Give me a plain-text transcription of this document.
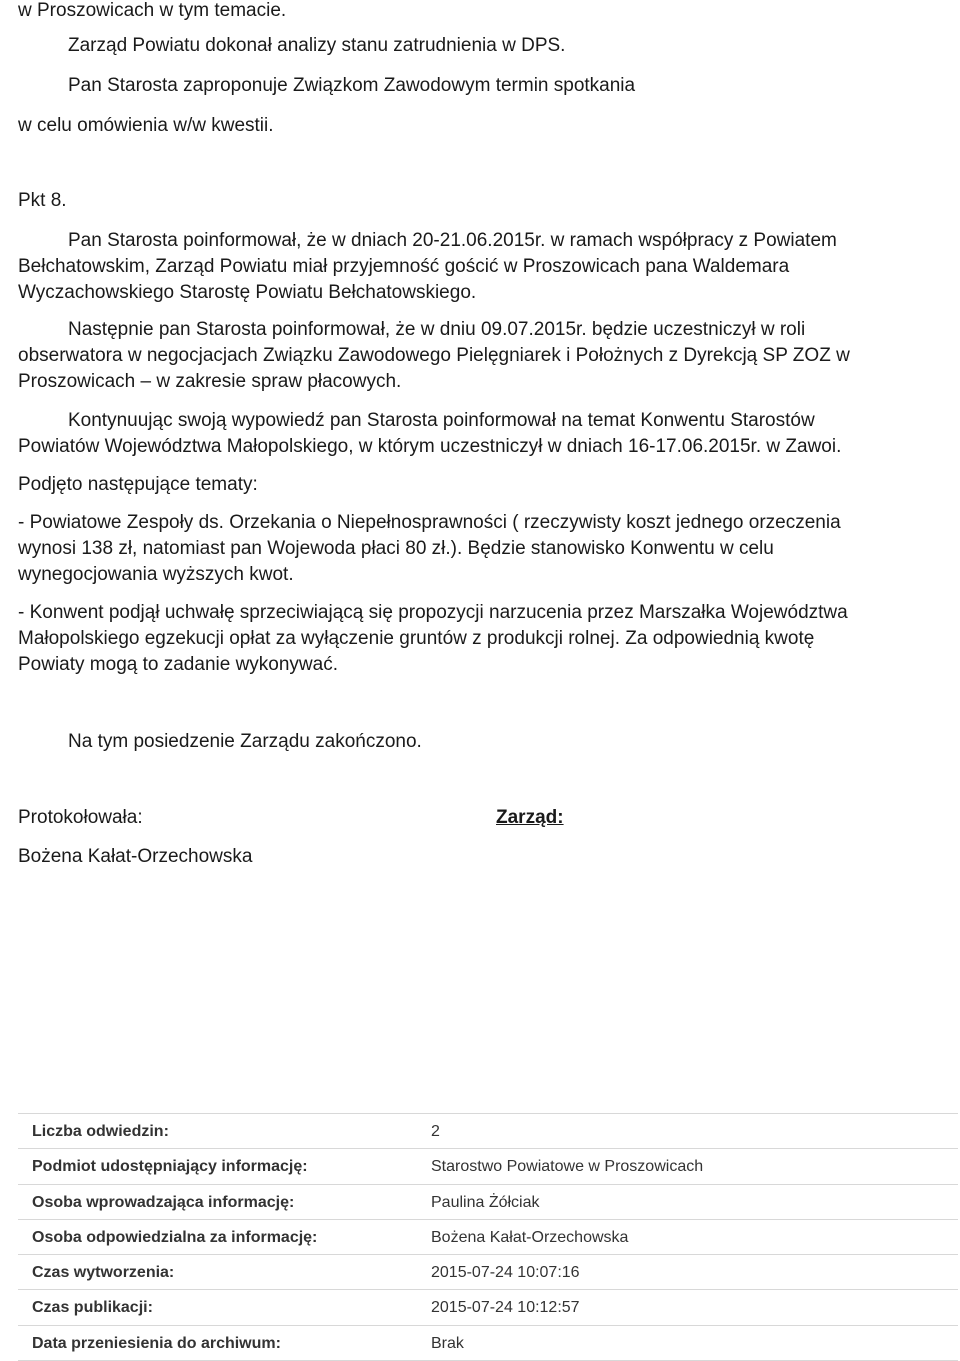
w Proszowicach w tym temacie.
Zarząd Powiatu dokonał analizy stanu zatrudnienia w DPS.
Pan Starosta zaproponuje Związkom Zawodowym termin spotkania
w celu omówienia w/w kwestii.
Pkt 8.
Pan Starosta poinformował, że w dniach 20-21.06.2015r. w ramach współpracy z Powiatem
Bełchatowskim, Zarząd Powiatu miał przyjemność gościć w Proszowicach pana Waldemara
Wyczachowskiego Starostę Powiatu Bełchatowskiego.
Następnie pan Starosta poinformował, że w dniu 09.07.2015r. będzie uczestniczył w roli
obserwatora w negocjacjach Związku Zawodowego Pielęgniarek i Położnych z Dyrekcją SP ZOZ w
Proszowicach – w zakresie spraw płacowych.
Kontynuując swoją wypowiedź pan Starosta poinformował na temat Konwentu Starostów
Powiatów Województwa Małopolskiego, w którym uczestniczył w dniach 16-17.06.2015r. w Zawoi.
Podjęto następujące tematy:
- Powiatowe Zespoły ds. Orzekania o Niepełnosprawności ( rzeczywisty koszt jednego orzeczenia
wynosi 138 zł, natomiast pan Wojewoda płaci 80 zł.). Będzie stanowisko Konwentu w celu
wynegocjowania wyższych kwot.
- Konwent podjął uchwałę sprzeciwiającą się propozycji narzucenia przez Marszałka Województwa
Małopolskiego egzekucji opłat za wyłączenie gruntów z produkcji rolnej. Za odpowiednią kwotę
Powiaty mogą to zadanie wykonywać.
Na tym posiedzenie Zarządu zakończono.
Protokołowała:	Zarząd:
Bożena Kałat-Orzechowska
Liczba odwiedzin:	2
Podmiot udostępniający informację:	Starostwo Powiatowe w Proszowicach
Osoba wprowadzająca informację:	Paulina Żółciak
Osoba odpowiedzialna za informację:	Bożena Kałat-Orzechowska
Czas wytworzenia:	2015-07-24 10:07:16
Czas publikacji:	2015-07-24 10:12:57
Data przeniesienia do archiwum:	Brak
